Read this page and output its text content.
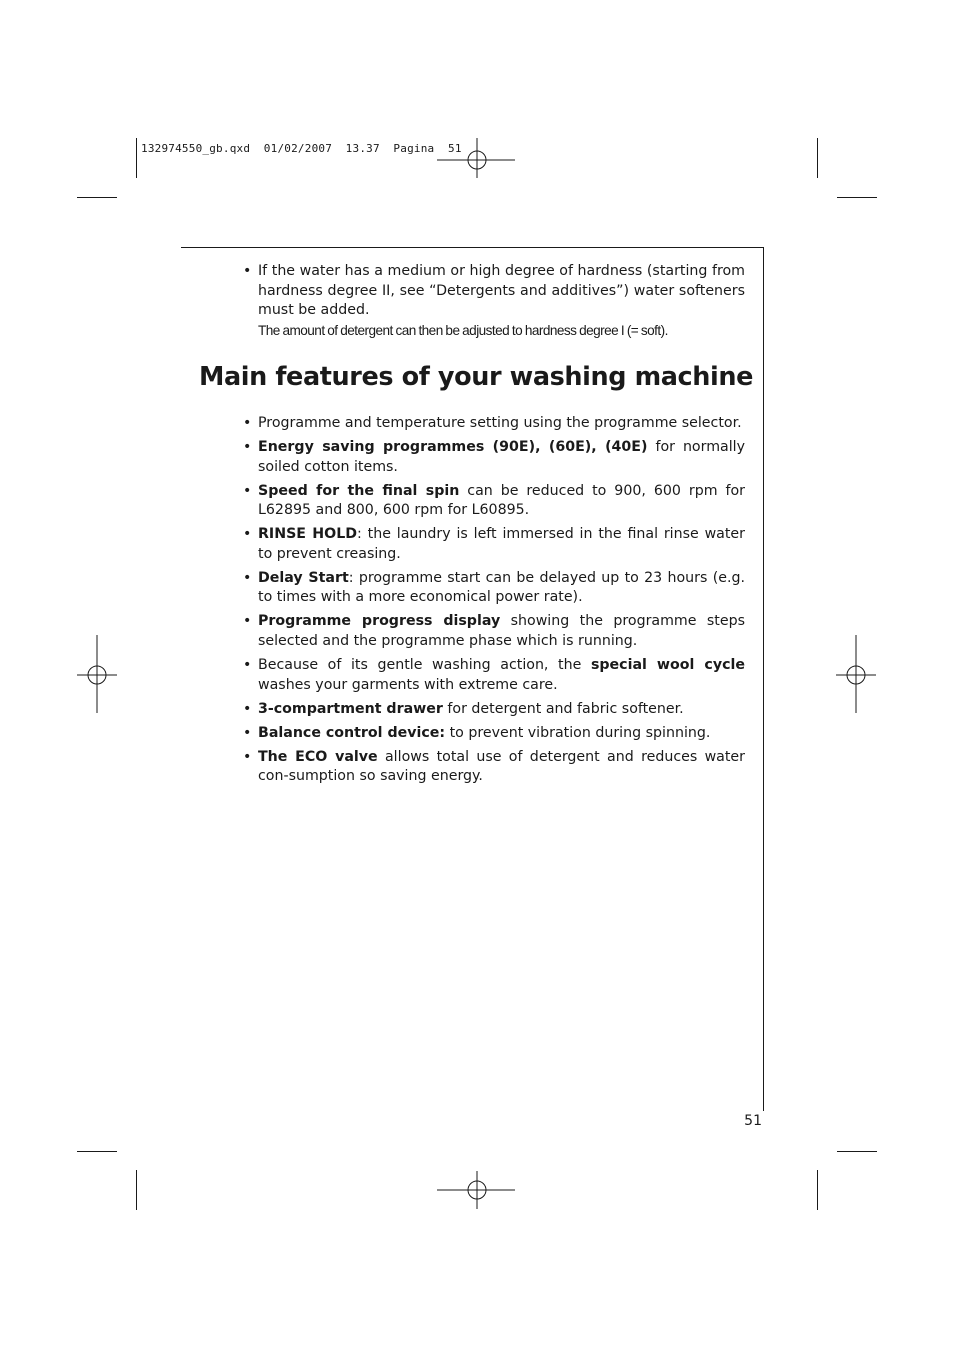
132974550_gb.qxd  01/02/2007  13.37  Pagina  51
• If the water has a medium or high degree of hardness (starting from hardness degree II, see “Detergents and additives”) water softeners must be added.
The amount of detergent can then be adjusted to hardness degree I (= soft).
Main features of your washing machine
• Programme and temperature setting using the programme selector.
• Energy saving programmes (90E), (60E), (40E) for normally soiled cotton items.
• Speed for the final spin can be reduced to 900, 600 rpm for L62895 and 800, 600 rpm for L60895.
• RINSE HOLD: the laundry is left immersed in the final rinse water to prevent creasing.
• Delay Start: programme start can be delayed up to 23 hours (e.g. to times with a more economical power rate).
• Programme progress display showing the programme steps selected and the programme phase which is running.
• Because of its gentle washing action, the special wool cycle washes your garments with extreme care.
• 3-compartment drawer for detergent and fabric softener.
• Balance control device: to prevent vibration during spinning.
• The ECO valve allows total use of detergent and reduces water con-sumption so saving energy.
51
